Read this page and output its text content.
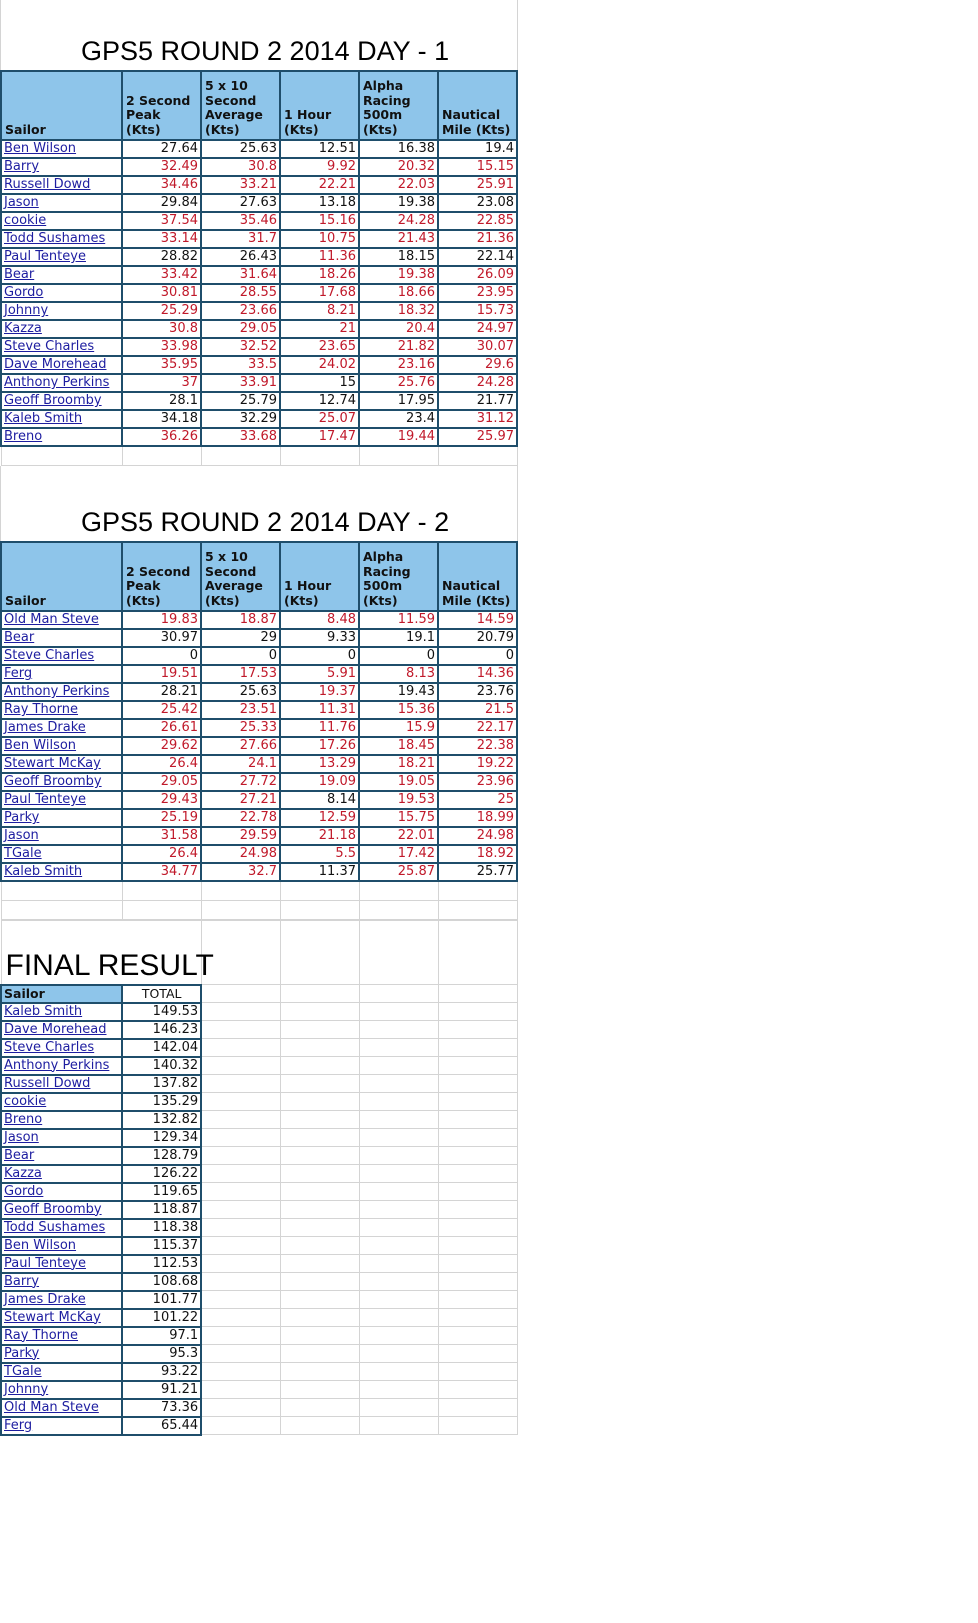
GPS5 ROUND 2 2014 DAY - 1
Sailor	2 Second Peak (Kts)	5 x 10 Second Average (Kts)	1 Hour (Kts)	Alpha Racing 500m (Kts)	Nautical Mile (Kts)
Ben Wilson	27.64	25.63	12.51	16.38	19.4
Barry	32.49	30.8	9.92	20.32	15.15
Russell Dowd	34.46	33.21	22.21	22.03	25.91
Jason	29.84	27.63	13.18	19.38	23.08
cookie	37.54	35.46	15.16	24.28	22.85
Todd Sushames	33.14	31.7	10.75	21.43	21.36
Paul Tenteye	28.82	26.43	11.36	18.15	22.14
Bear	33.42	31.64	18.26	19.38	26.09
Gordo	30.81	28.55	17.68	18.66	23.95
Johnny	25.29	23.66	8.21	18.32	15.73
Kazza	30.8	29.05	21	20.4	24.97
Steve Charles	33.98	32.52	23.65	21.82	30.07
Dave Morehead	35.95	33.5	24.02	23.16	29.6
Anthony Perkins	37	33.91	15	25.76	24.28
Geoff Broomby	28.1	25.79	12.74	17.95	21.77
Kaleb Smith	34.18	32.29	25.07	23.4	31.12
Breno	36.26	33.68	17.47	19.44	25.97

GPS5 ROUND 2 2014 DAY - 2
Sailor	2 Second Peak (Kts)	5 x 10 Second Average (Kts)	1 Hour (Kts)	Alpha Racing 500m (Kts)	Nautical Mile (Kts)
Old Man Steve	19.83	18.87	8.48	11.59	14.59
Bear	30.97	29	9.33	19.1	20.79
Steve Charles	0	0	0	0	0
Ferg	19.51	17.53	5.91	8.13	14.36
Anthony Perkins	28.21	25.63	19.37	19.43	23.76
Ray Thorne	25.42	23.51	11.31	15.36	21.5
James Drake	26.61	25.33	11.76	15.9	22.17
Ben Wilson	29.62	27.66	17.26	18.45	22.38
Stewart McKay	26.4	24.1	13.29	18.21	19.22
Geoff Broomby	29.05	27.72	19.09	19.05	23.96
Paul Tenteye	29.43	27.21	8.14	19.53	25
Parky	25.19	22.78	12.59	15.75	18.99
Jason	31.58	29.59	21.18	22.01	24.98
TGale	26.4	24.98	5.5	17.42	18.92
Kaleb Smith	34.77	32.7	11.37	25.87	25.77

FINAL RESULT					
Sailor	TOTAL				
Kaleb Smith	149.53				
Dave Morehead	146.23				
Steve Charles	142.04				
Anthony Perkins	140.32				
Russell Dowd	137.82				
cookie	135.29				
Breno	132.82				
Jason	129.34				
Bear	128.79				
Kazza	126.22				
Gordo	119.65				
Geoff Broomby	118.87				
Todd Sushames	118.38				
Ben Wilson	115.37				
Paul Tenteye	112.53				
Barry	108.68				
James Drake	101.77				
Stewart McKay	101.22				
Ray Thorne	97.1				
Parky	95.3				
TGale	93.22				
Johnny	91.21				
Old Man Steve	73.36				
Ferg	65.44				
